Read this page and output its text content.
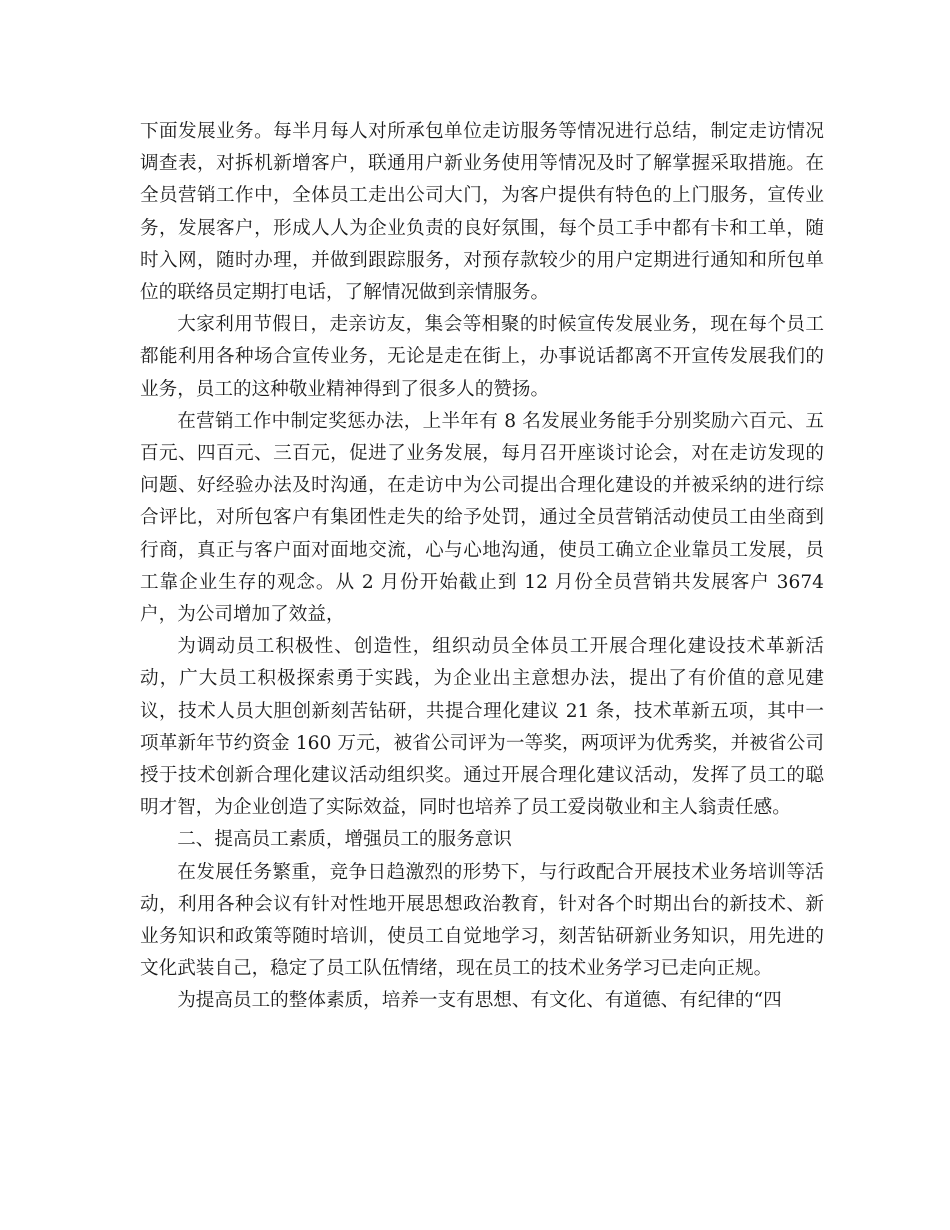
下面发展业务。每半月每人对所承包单位走访服务等情况进行总结，制定走访情况调查表，对拆机新增客户，联通用户新业务使用等情况及时了解掌握采取措施。在全员营销工作中，全体员工走出公司大门，为客户提供有特色的上门服务，宣传业务，发展客户，形成人人为企业负责的良好氛围，每个员工手中都有卡和工单，随时入网，随时办理，并做到跟踪服务，对预存款较少的用户定期进行通知和所包单位的联络员定期打电话，了解情况做到亲情服务。

大家利用节假日，走亲访友，集会等相聚的时候宣传发展业务，现在每个员工都能利用各种场合宣传业务，无论是走在街上，办事说话都离不开宣传发展我们的业务，员工的这种敬业精神得到了很多人的赞扬。

在营销工作中制定奖惩办法，上半年有 8 名发展业务能手分别奖励六百元、五百元、四百元、三百元，促进了业务发展，每月召开座谈讨论会，对在走访发现的问题、好经验办法及时沟通，在走访中为公司提出合理化建设的并被采纳的进行综合评比，对所包客户有集团性走失的给予处罚，通过全员营销活动使员工由坐商到行商，真正与客户面对面地交流，心与心地沟通，使员工确立企业靠员工发展，员工靠企业生存的观念。从 2 月份开始截止到 12 月份全员营销共发展客户 3674 户，为公司增加了效益，

为调动员工积极性、创造性，组织动员全体员工开展合理化建设技术革新活动，广大员工积极探索勇于实践，为企业出主意想办法，提出了有价值的意见建议，技术人员大胆创新刻苦钻研，共提合理化建议 21 条，技术革新五项，其中一项革新年节约资金 160 万元，被省公司评为一等奖，两项评为优秀奖，并被省公司授于技术创新合理化建议活动组织奖。通过开展合理化建议活动，发挥了员工的聪明才智，为企业创造了实际效益，同时也培养了员工爱岗敬业和主人翁责任感。

二、提高员工素质，增强员工的服务意识

在发展任务繁重，竞争日趋激烈的形势下，与行政配合开展技术业务培训等活动，利用各种会议有针对性地开展思想政治教育，针对各个时期出台的新技术、新业务知识和政策等随时培训，使员工自觉地学习，刻苦钻研新业务知识，用先进的文化武装自己，稳定了员工队伍情绪，现在员工的技术业务学习已走向正规。

为提高员工的整体素质，培养一支有思想、有文化、有道德、有纪律的“四
